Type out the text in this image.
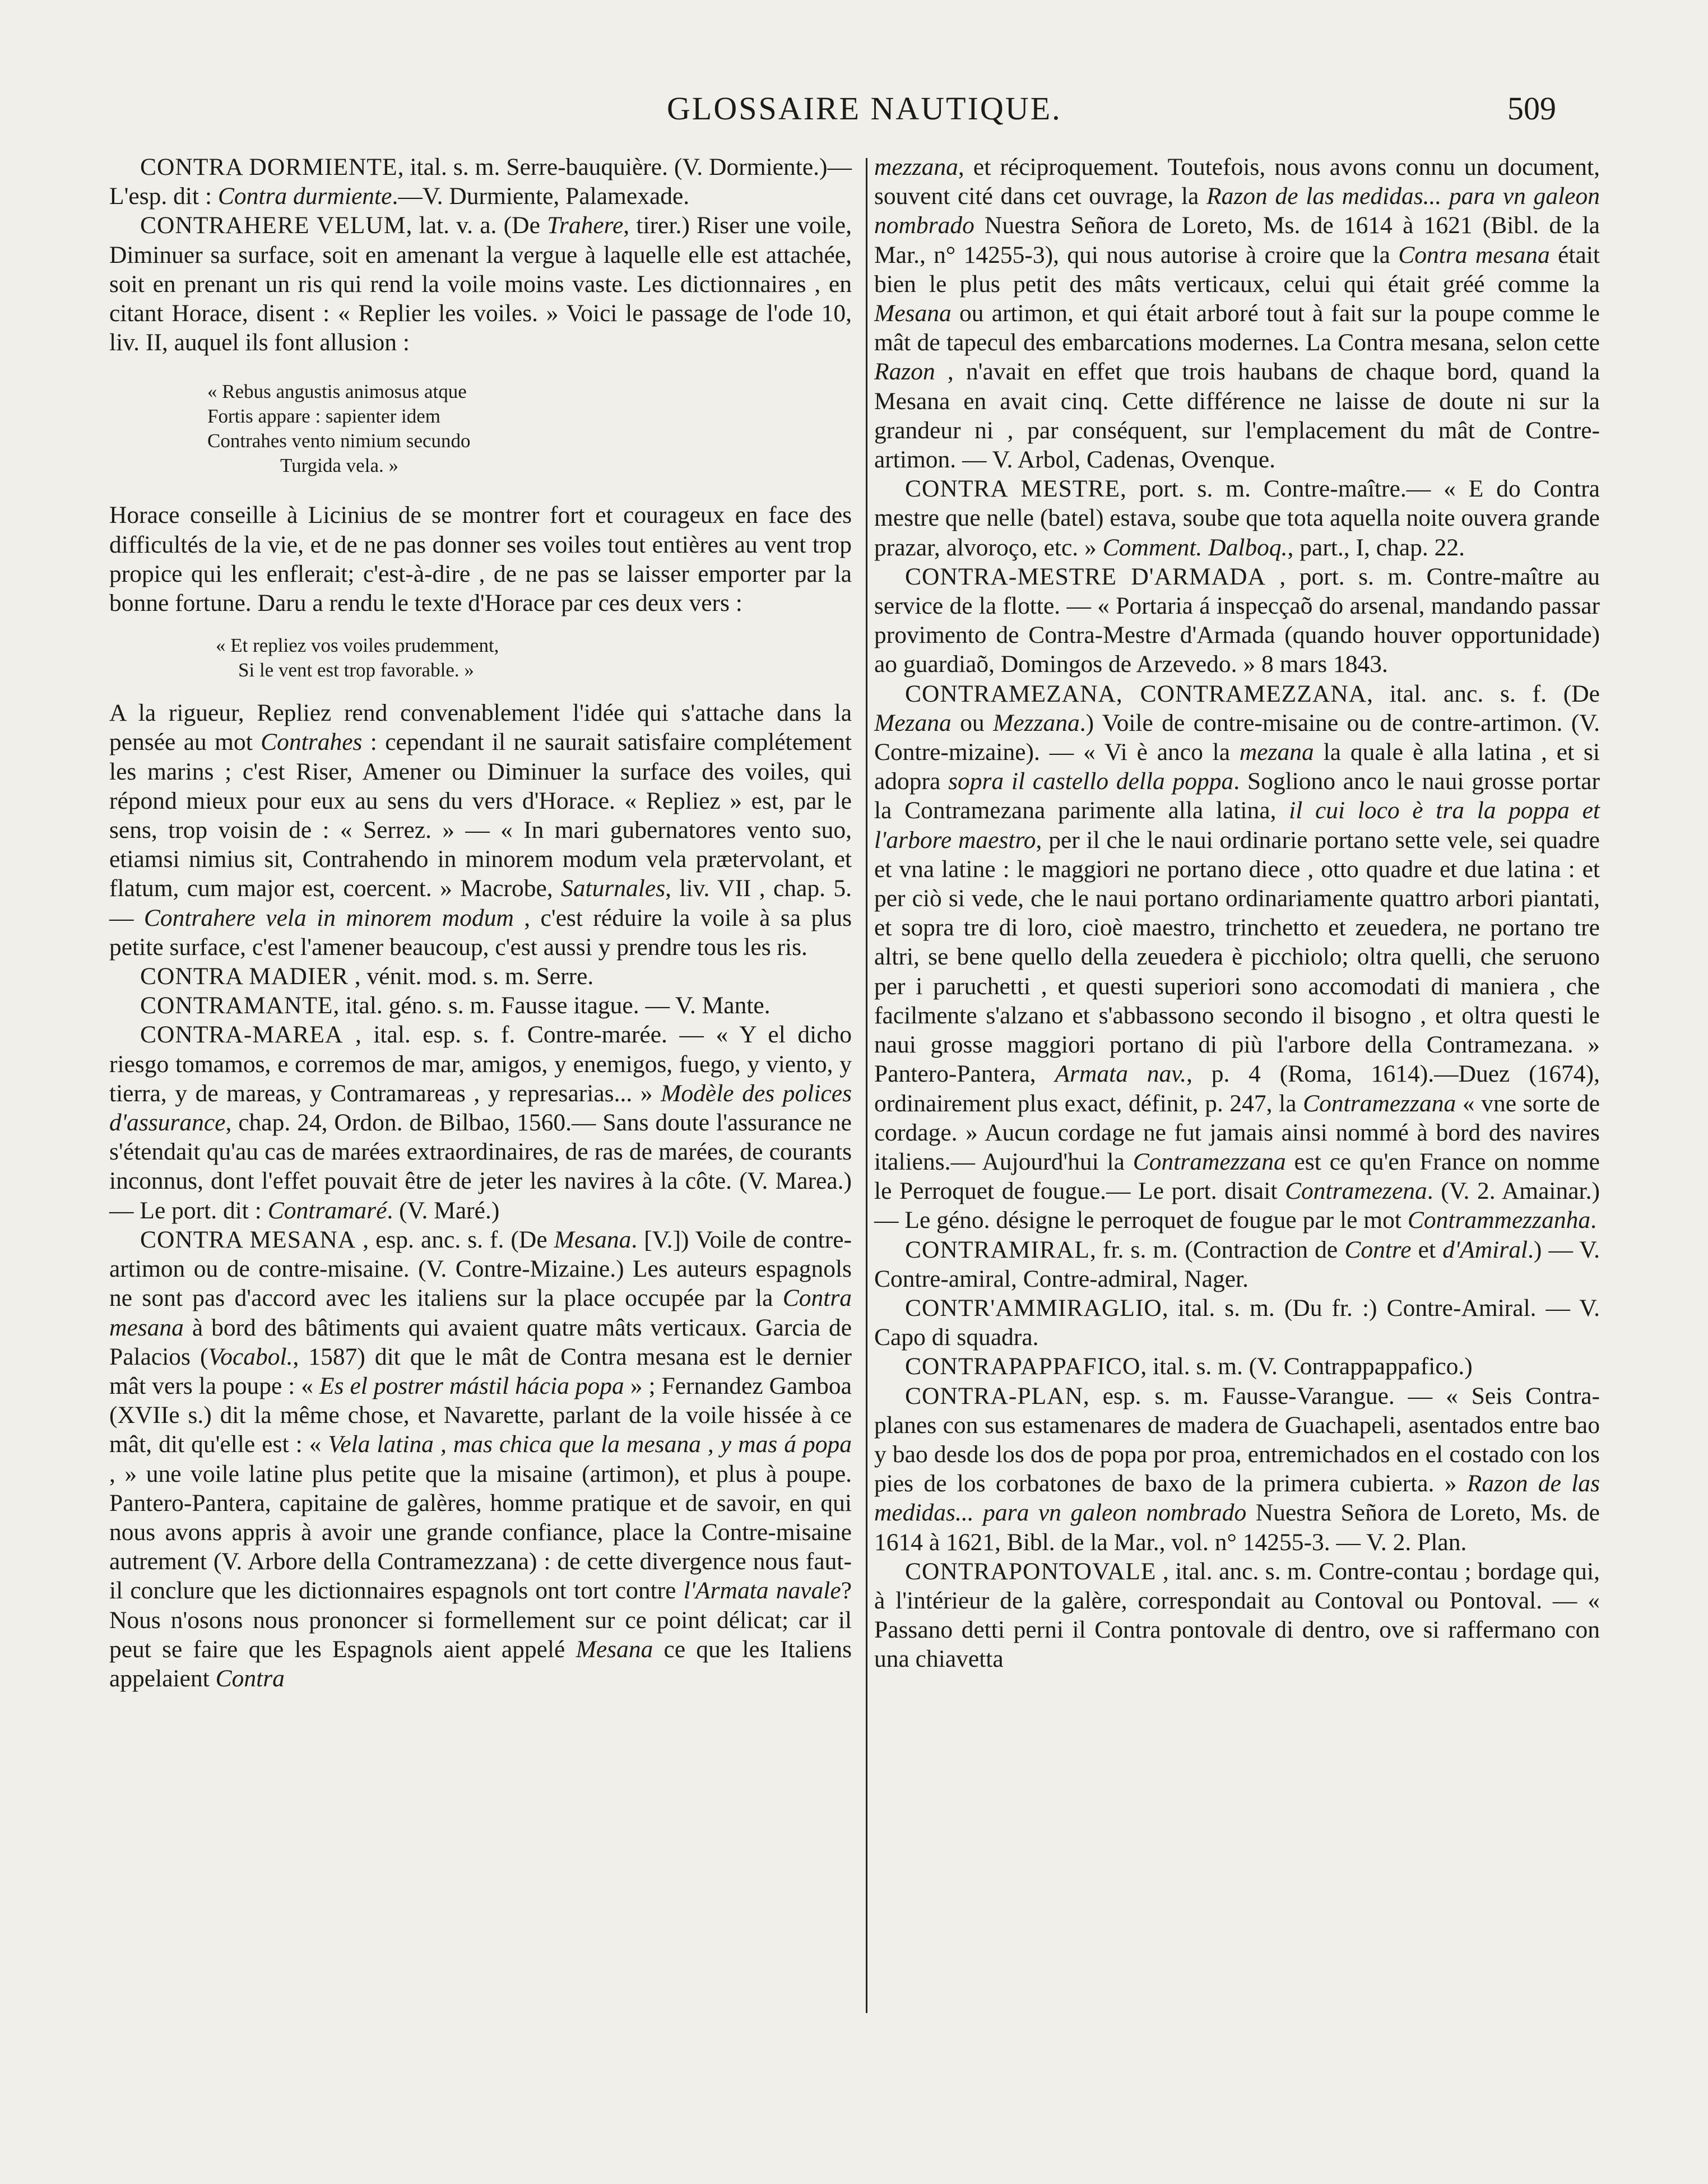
GLOSSAIRE NAUTIQUE.	509

CONTRA DORMIENTE, ital. s. m. Serre-bauquière. (V. Dormiente.)—L'esp. dit : Contra durmiente.—V. Durmiente, Palamexade.

CONTRAHERE VELUM, lat. v. a. (De Trahere, tirer.) Riser une voile, Diminuer sa surface, soit en amenant la vergue à laquelle elle est attachée, soit en prenant un ris qui rend la voile moins vaste. Les dictionnaires , en citant Horace, disent : « Replier les voiles. » Voici le passage de l'ode 10, liv. II, auquel ils font allusion :

« Rebus angustis animosus atque
Fortis appare : sapienter idem
Contrahes vento nimium secundo
Turgida vela. »

Horace conseille à Licinius de se montrer fort et courageux en face des difficultés de la vie, et de ne pas donner ses voiles tout entières au vent trop propice qui les enflerait; c'est-à-dire , de ne pas se laisser emporter par la bonne fortune. Daru a rendu le texte d'Horace par ces deux vers :

« Et repliez vos voiles prudemment,
Si le vent est trop favorable. »

A la rigueur, Repliez rend convenablement l'idée qui s'attache dans la pensée au mot Contrahes : cependant il ne saurait satisfaire complétement les marins ; c'est Riser, Amener ou Diminuer la surface des voiles, qui répond mieux pour eux au sens du vers d'Horace. « Repliez » est, par le sens, trop voisin de : « Serrez. » — « In mari gubernatores vento suo, etiamsi nimius sit, Contrahendo in minorem modum vela prætervolant, et flatum, cum major est, coercent. » Macrobe, Saturnales, liv. VII , chap. 5. — Contrahere vela in minorem modum , c'est réduire la voile à sa plus petite surface, c'est l'amener beaucoup, c'est aussi y prendre tous les ris.

CONTRA MADIER , vénit. mod. s. m. Serre.

CONTRAMANTE, ital. géno. s. m. Fausse itague. — V. Mante.

CONTRA-MAREA , ital. esp. s. f. Contre-marée. — « Y el dicho riesgo tomamos, e corremos de mar, amigos, y enemigos, fuego, y viento, y tierra, y de mareas, y Contramareas , y represarias... » Modèle des polices d'assurance, chap. 24, Ordon. de Bilbao, 1560.— Sans doute l'assurance ne s'étendait qu'au cas de marées extraordinaires, de ras de marées, de courants inconnus, dont l'effet pouvait être de jeter les navires à la côte. (V. Marea.) — Le port. dit : Contramaré. (V. Maré.)

CONTRA MESANA , esp. anc. s. f. (De Mesana. [V.]) Voile de contre-artimon ou de contre-misaine. (V. Contre-Mizaine.) Les auteurs espagnols ne sont pas d'accord avec les italiens sur la place occupée par la Contra mesana à bord des bâtiments qui avaient quatre mâts verticaux. Garcia de Palacios (Vocabol., 1587) dit que le mât de Contra mesana est le dernier mât vers la poupe : « Es el postrer mástil hácia popa » ; Fernandez Gamboa (XVIIe s.) dit la même chose, et Navarette, parlant de la voile hissée à ce mât, dit qu'elle est : « Vela latina , mas chica que la mesana , y mas á popa , » une voile latine plus petite que la misaine (artimon), et plus à poupe. Pantero-Pantera, capitaine de galères, homme pratique et de savoir, en qui nous avons appris à avoir une grande confiance, place la Contre-misaine autrement (V. Arbore della Contramezzana) : de cette divergence nous faut-il conclure que les dictionnaires espagnols ont tort contre l'Armata navale? Nous n'osons nous prononcer si formellement sur ce point délicat; car il peut se faire que les Espagnols aient appelé Mesana ce que les Italiens appelaient Contra

mezzana, et réciproquement. Toutefois, nous avons connu un document, souvent cité dans cet ouvrage, la Razon de las medidas... para vn galeon nombrado Nuestra Señora de Loreto, Ms. de 1614 à 1621 (Bibl. de la Mar., n° 14255-3), qui nous autorise à croire que la Contra mesana était bien le plus petit des mâts verticaux, celui qui était gréé comme la Mesana ou artimon, et qui était arboré tout à fait sur la poupe comme le mât de tapecul des embarcations modernes. La Contra mesana, selon cette Razon , n'avait en effet que trois haubans de chaque bord, quand la Mesana en avait cinq. Cette différence ne laisse de doute ni sur la grandeur ni , par conséquent, sur l'emplacement du mât de Contre-artimon. — V. Arbol, Cadenas, Ovenque.

CONTRA MESTRE, port. s. m. Contre-maître.— « E do Contra mestre que nelle (batel) estava, soube que tota aquella noite ouvera grande prazar, alvoroço, etc. » Comment. Dalboq., part., I, chap. 22.

CONTRA-MESTRE D'ARMADA , port. s. m. Contre-maître au service de la flotte. — « Portaria á inspecçaõ do arsenal, mandando passar provimento de Contra-Mestre d'Armada (quando houver opportunidade) ao guardiaõ, Domingos de Arzevedo. » 8 mars 1843.

CONTRAMEZANA, CONTRAMEZZANA, ital. anc. s. f. (De Mezana ou Mezzana.) Voile de contre-misaine ou de contre-artimon. (V. Contre-mizaine). — « Vi è anco la mezana la quale è alla latina , et si adopra sopra il castello della poppa. Sogliono anco le naui grosse portar la Contramezana parimente alla latina, il cui loco è tra la poppa et l'arbore maestro, per il che le naui ordinarie portano sette vele, sei quadre et vna latine : le maggiori ne portano diece , otto quadre et due latina : et per ciò si vede, che le naui portano ordinariamente quattro arbori piantati, et sopra tre di loro, cioè maestro, trinchetto et zeuedera, ne portano tre altri, se bene quello della zeuedera è picchiolo; oltra quelli, che seruono per i paruchetti , et questi superiori sono accomodati di maniera , che facilmente s'alzano et s'abbassono secondo il bisogno , et oltra questi le naui grosse maggiori portano di più l'arbore della Contramezana. » Pantero-Pantera, Armata nav., p. 4 (Roma, 1614).—Duez (1674), ordinairement plus exact, définit, p. 247, la Contramezzana « vne sorte de cordage. » Aucun cordage ne fut jamais ainsi nommé à bord des navires italiens.— Aujourd'hui la Contramezzana est ce qu'en France on nomme le Perroquet de fougue.— Le port. disait Contramezena. (V. 2. Amainar.) — Le géno. désigne le perroquet de fougue par le mot Contrammezzanha.

CONTRAMIRAL, fr. s. m. (Contraction de Contre et d'Amiral.) — V. Contre-amiral, Contre-admiral, Nager.

CONTR'AMMIRAGLIO, ital. s. m. (Du fr. :) Contre-Amiral. — V. Capo di squadra.

CONTRAPAPPAFICO, ital. s. m. (V. Contrappappafico.)

CONTRA-PLAN, esp. s. m. Fausse-Varangue. — « Seis Contra-planes con sus estamenares de madera de Guachapeli, asentados entre bao y bao desde los dos de popa por proa, entremichados en el costado con los pies de los corbatones de baxo de la primera cubierta. » Razon de las medidas... para vn galeon nombrado Nuestra Señora de Loreto, Ms. de 1614 à 1621, Bibl. de la Mar., vol. n° 14255-3. — V. 2. Plan.

CONTRAPONTOVALE , ital. anc. s. m. Contre-contau ; bordage qui, à l'intérieur de la galère, correspondait au Contoval ou Pontoval. — « Passano detti perni il Contra pontovale di dentro, ove si raffermano con una chiavetta
